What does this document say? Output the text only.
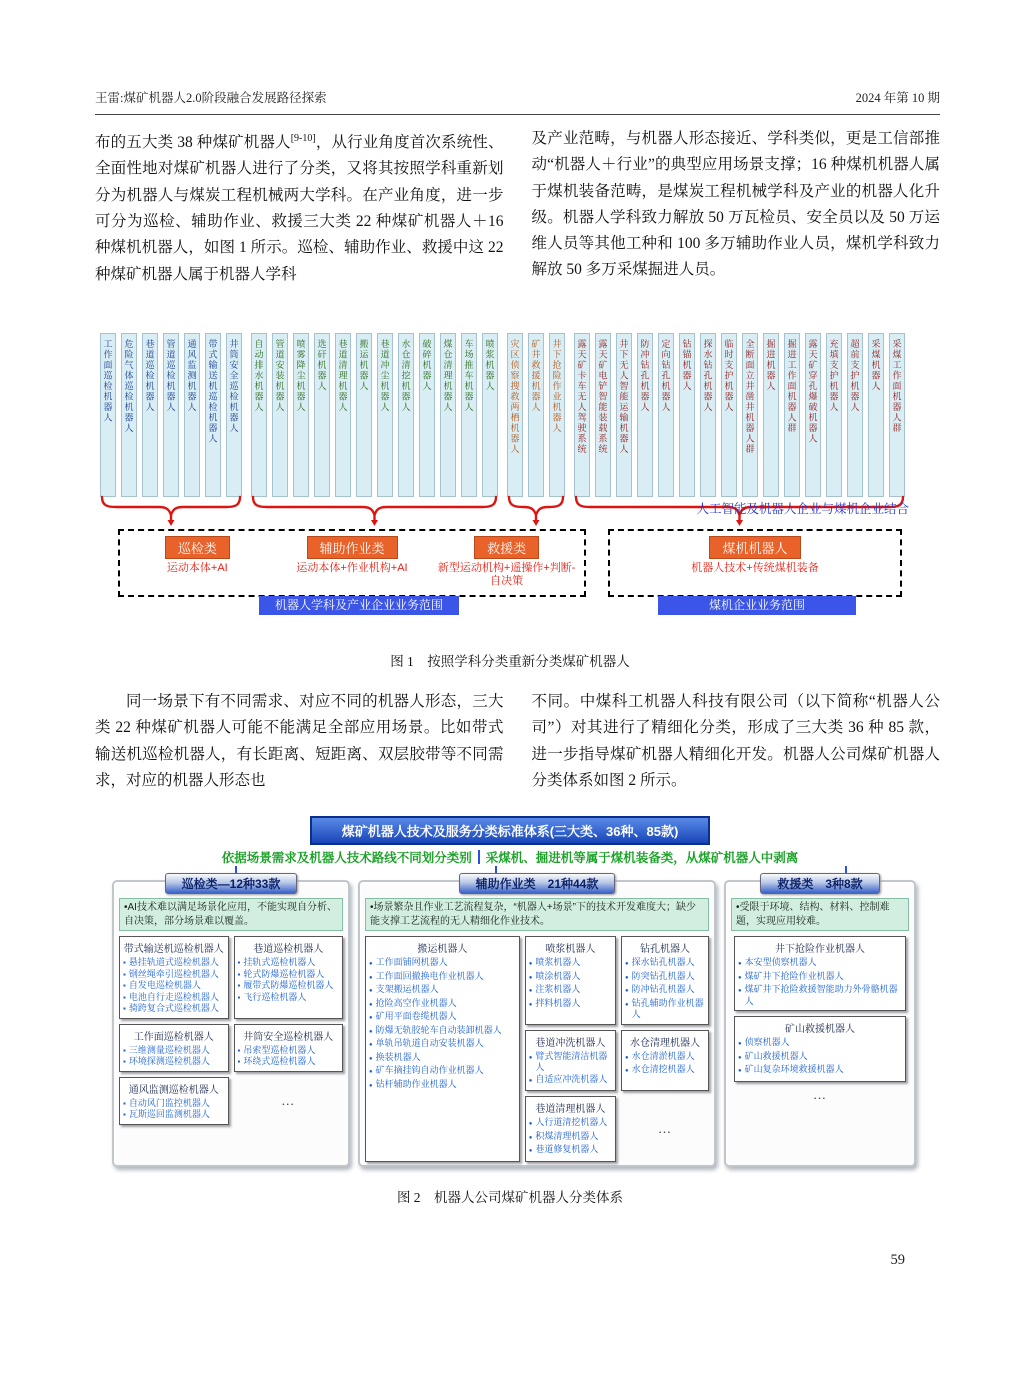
王雷:煤矿机器人2.0阶段融合发展路径探索	2024 年第 10 期
布的五大类 38 种煤矿机器人[9-10]，从行业角度首次系统性、全面性地对煤矿机器人进行了分类，又将其按照学科重新划分为机器人与煤炭工程机械两大学科。在产业角度，进一步可分为巡检、辅助作业、救援三大类 22 种煤矿机器人＋16 种煤机机器人，如图 1 所示。巡检、辅助作业、救援中这 22 种煤矿机器人属于机器人学科
及产业范畴，与机器人形态接近、学科类似，更是工信部推动“机器人＋行业”的典型应用场景支撑；16 种煤机机器人属于煤机装备范畴，是煤炭工程机械学科及产业的机器人化升级。机器人学科致力解放 50 万瓦检员、安全员以及 50 万运维人员等其他工种和 100 多万辅助作业人员，煤机学科致力解放 50 多万采煤掘进人员。
工作面巡检机器人 危险气体巡检机器人 巷道巡检机器人 管道巡检机器人 通风监测机器人 带式输送机巡检机器人 井筒安全巡检机器人 自动排水机器人 管道安装机器人 喷雾降尘机器人 选矸机器人 巷道清理机器人 搬运机器人 巷道冲尘机器人 水仓清挖机器人 破碎机器人 煤仓清理机器人 车场推车机器人 喷浆机器人 灾区侦察搜救两栖机器人 矿井救援机器人 井下抢险作业机器人 露天矿卡车无人驾驶系统 露天矿电铲智能装载系统 井下无人智能运输机器人 防冲钻孔机器人 定向钻孔机器人 钻锚机器人 探水钻孔机器人 临时支护机器人 全断面立井凿井机器人群 掘进机器人 掘进工作面机器人群 露天矿穿孔爆破机器人 充填支护机器人 超前支护机器人 采煤机器人 采煤工作面机器人群
人工智能及机器人企业与煤机企业结合
巡检类
运动本体+AI
辅助作业类
运动本体+作业机构+AI
救援类
新型运动机构+遥操作+判断-自决策
煤机机器人
机器人技术+传统煤机装备
机器人学科及产业企业业务范围	煤机企业业务范围
图 1　按照学科分类重新分类煤矿机器人
同一场景下有不同需求、对应不同的机器人形态，三大类 22 种煤矿机器人可能不能满足全部应用场景。比如带式输送机巡检机器人，有长距离、短距离、双层胶带等不同需求，对应的机器人形态也
不同。中煤科工机器人科技有限公司（以下简称“机器人公司”）对其进行了精细化分类，形成了三大类 36 种 85 款，进一步指导煤矿机器人精细化开发。机器人公司煤矿机器人分类体系如图 2 所示。
煤矿机器人技术及服务分类标准体系(三大类、36种、85款)
依据场景需求及机器人技术路线不同划分类别 采煤机、掘进机等属于煤机装备类，从煤矿机器人中剥离
巡检类—12种33款
•AI技术难以满足场景化应用，不能实现自分析、自决策，部分场景难以覆盖。
带式输送机巡检机器人
▪
悬挂轨道式巡检机器人
▪
钢丝绳牵引巡检机器人
▪
自发电巡检机器人
▪
电池自行走巡检机器人
▪
骑跨复合式巡检机器人
巷道巡检机器人
▪
挂轨式巡检机器人
▪
轮式防爆巡检机器人
▪
履带式防爆巡检机器人
▪
飞行巡检机器人
工作面巡检机器人
▪
三维测量巡检机器人
▪
环境探测巡检机器人
井筒安全巡检机器人
▪
吊索型巡检机器人
▪
环绕式巡检机器人
通风监测巡检机器人
▪
自动风门监控机器人
▪
瓦斯巡回监测机器人
…
辅助作业类　21种44款
•场景繁杂且作业工艺流程复杂，“机器人+场景”下的技术开发难度大；缺少能支撑工艺流程的无人精细化作业技术。
搬运机器人
●
工作面铺网机器人
●
工作面回撤换电作业机器人
●
支架搬运机器人
●
抢险高空作业机器人
●
矿用平面卷缆机器人
●
防爆无轨胶轮车自动装卸机器人
●
单轨吊轨道自动安装机器人
●
换装机器人
●
矿车摘挂钩自动作业机器人
●
钻杆辅助作业机器人
喷浆机器人
●
喷浆机器人
●
喷涂机器人
●
注浆机器人
●
拌料机器人
钻孔机器人
●
探水钻孔机器人
●
防突钻孔机器人
●
防冲钻孔机器人
●
钻孔辅助作业机器人
巷道冲洗机器人
●
臂式智能清洁机器人
●
自适应冲洗机器人
水仓清理机器人
●
水仓清淤机器人
●
水仓清挖机器人
巷道清理机器人
●
人行道清挖机器人
●
积煤清理机器人
●
巷道修复机器人
…
救援类　3种8款
•受限于环境、结构、材料、控制难题，实现应用较难。
井下抢险作业机器人
●
本安型侦察机器人
●
煤矿井下抢险作业机器人
●
煤矿井下抢险救援智能助力外骨骼机器人
矿山救援机器人
●
侦察机器人
●
矿山救援机器人
●
矿山复杂环境救援机器人
…
图 2　机器人公司煤矿机器人分类体系
59
